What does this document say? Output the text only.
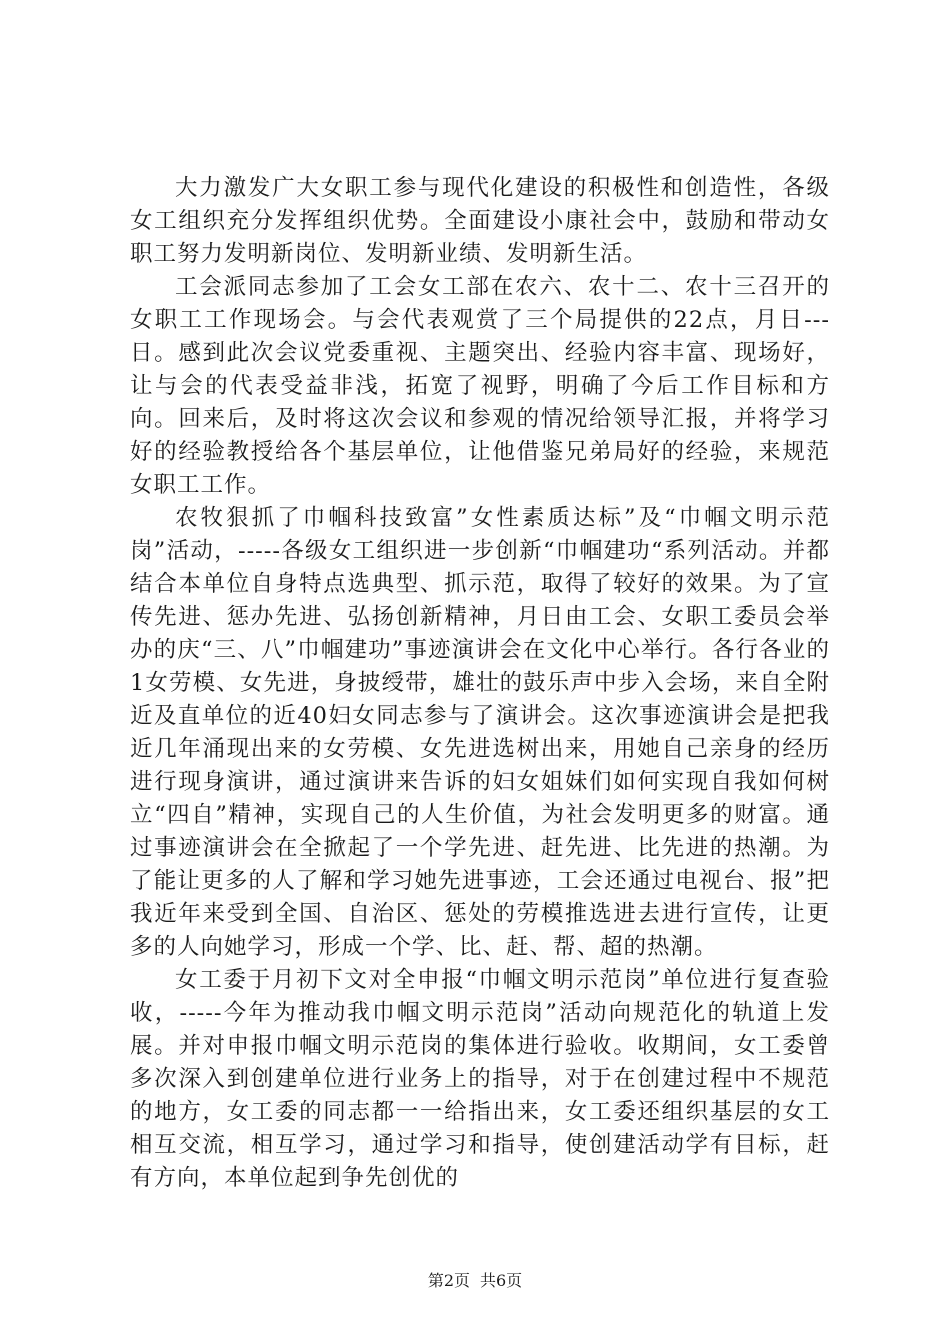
大力激发广大女职工参与现代化建设的积极性和创造性，各级女工组织充分发挥组织优势。全面建设小康社会中，鼓励和带动女职工努力发明新岗位、发明新业绩、发明新生活。

工会派同志参加了工会女工部在农六、农十二、农十三召开的女职工工作现场会。与会代表观赏了三个局提供的22点，月日---日。感到此次会议党委重视、主题突出、经验内容丰富、现场好，让与会的代表受益非浅，拓宽了视野，明确了今后工作目标和方向。回来后，及时将这次会议和参观的情况给领导汇报，并将学习好的经验教授给各个基层单位，让他借鉴兄弟局好的经验，来规范女职工工作。

农牧狠抓了巾帼科技致富”女性素质达标”及“巾帼文明示范岗”活动，-----各级女工组织进一步创新“巾帼建功“系列活动。并都结合本单位自身特点选典型、抓示范，取得了较好的效果。为了宣传先进、惩办先进、弘扬创新精神，月日由工会、女职工委员会举办的庆“三、八”巾帼建功”事迹演讲会在文化中心举行。各行各业的1女劳模、女先进，身披绶带，雄壮的鼓乐声中步入会场，来自全附近及直单位的近40妇女同志参与了演讲会。这次事迹演讲会是把我近几年涌现出来的女劳模、女先进选树出来，用她自己亲身的经历进行现身演讲，通过演讲来告诉的妇女姐妹们如何实现自我如何树立“四自”精神，实现自己的人生价值，为社会发明更多的财富。通过事迹演讲会在全掀起了一个学先进、赶先进、比先进的热潮。为了能让更多的人了解和学习她先进事迹，工会还通过电视台、报”把我近年来受到全国、自治区、惩处的劳模推选进去进行宣传，让更多的人向她学习，形成一个学、比、赶、帮、超的热潮。

女工委于月初下文对全申报“巾帼文明示范岗”单位进行复查验收，-----今年为推动我巾帼文明示范岗”活动向规范化的轨道上发展。并对申报巾帼文明示范岗的集体进行验收。收期间，女工委曾多次深入到创建单位进行业务上的指导，对于在创建过程中不规范的地方，女工委的同志都一一给指出来，女工委还组织基层的女工相互交流，相互学习，通过学习和指导，使创建活动学有目标，赶有方向，本单位起到争先创优的

第2页 共6页
